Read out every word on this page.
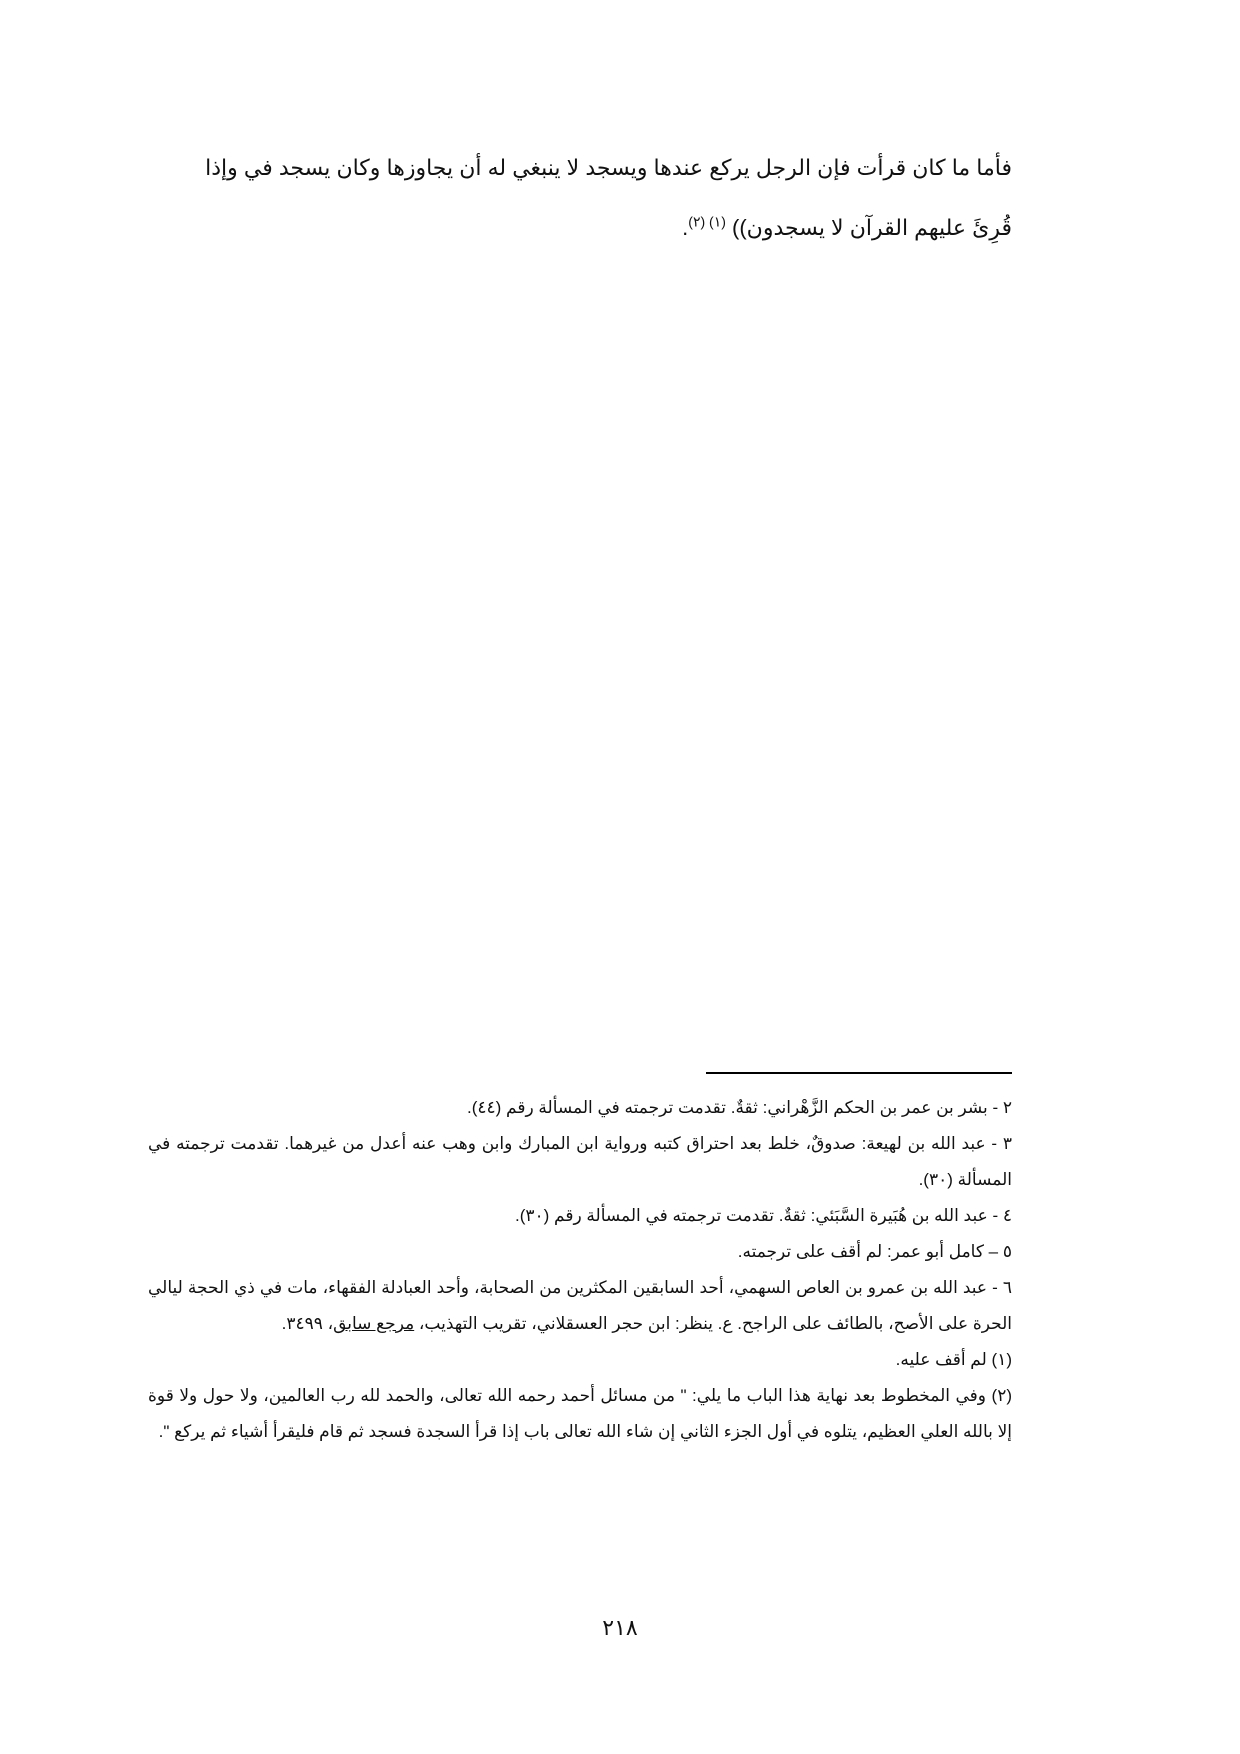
فأما ما كان قرأت فإن الرجل يركع عندها ويسجد لا ينبغي له أن يجاوزها وكان يسجد في وإذا

قُرِئَ عليهم القرآن لا يسجدون)) $^{(١) (٢)}$.

٢ - بشر بن عمر بن الحكم الزَّهْراني: ثقةٌ. تقدمت ترجمته في المسألة رقم (٤٤).

٣ - عبد الله بن لهيعة: صدوقٌ، خلط بعد احتراق كتبه ورواية ابن المبارك وابن وهب عنه أعدل من غيرهما. تقدمت ترجمته في المسألة (٣٠).

٤ - عبد الله بن هُبَيرة السَّبَئي: ثقةٌ. تقدمت ترجمته في المسألة رقم (٣٠).

٥ – كامل أبو عمر: لم أقف على ترجمته.

٦ - عبد الله بن عمرو بن العاص السهمي، أحد السابقين المكثرين من الصحابة، وأحد العبادلة الفقهاء، مات في ذي الحجة ليالي الحرة على الأصح، بالطائف على الراجح. ع. ينظر: ابن حجر العسقلاني، تقريب التهذيب، مرجع سابق، ٣٤٩٩.

(١) لم أقف عليه.

(٢) وفي المخطوط بعد نهاية هذا الباب ما يلي: " من مسائل أحمد رحمه الله تعالى، والحمد لله رب العالمين، ولا حول ولا قوة إلا بالله العلي العظيم، يتلوه في أول الجزء الثاني إن شاء الله تعالى باب إذا قرأ السجدة فسجد ثم قام فليقرأ أشياء ثم يركع ".

٢١٨
